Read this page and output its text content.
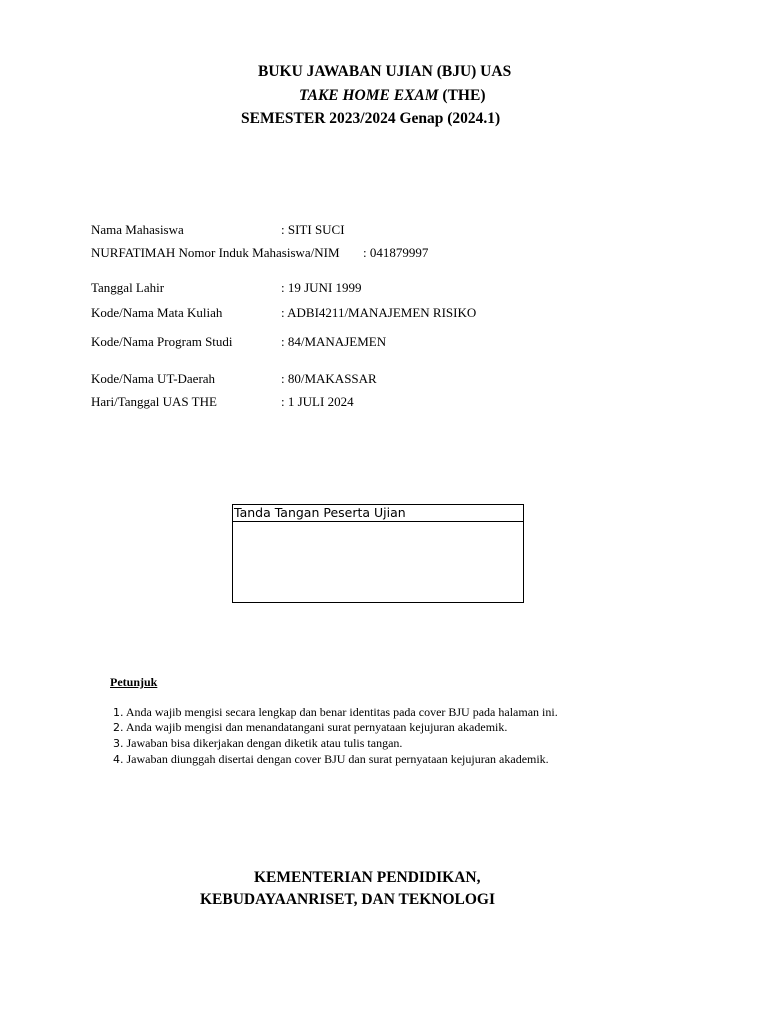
BUKU JAWABAN UJIAN (BJU) UAS
TAKE HOME EXAM (THE)
SEMESTER 2023/2024 Genap (2024.1)
Nama Mahasiswa	: SITI SUCI
NURFATIMAH Nomor Induk Mahasiswa/NIM : 041879997
Tanggal Lahir	: 19 JUNI 1999
Kode/Nama Mata Kuliah	: ADBI4211/MANAJEMEN RISIKO
Kode/Nama Program Studi	: 84/MANAJEMEN
Kode/Nama UT-Daerah	: 80/MAKASSAR
Hari/Tanggal UAS THE	: 1 JULI 2024
Tanda Tangan Peserta Ujian
Petunjuk
1. Anda wajib mengisi secara lengkap dan benar identitas pada cover BJU pada halaman ini.
2. Anda wajib mengisi dan menandatangani surat pernyataan kejujuran akademik.
3. Jawaban bisa dikerjakan dengan diketik atau tulis tangan.
4. Jawaban diunggah disertai dengan cover BJU dan surat pernyataan kejujuran akademik.
KEMENTERIAN PENDIDIKAN,
KEBUDAYAANRISET, DAN TEKNOLOGI
